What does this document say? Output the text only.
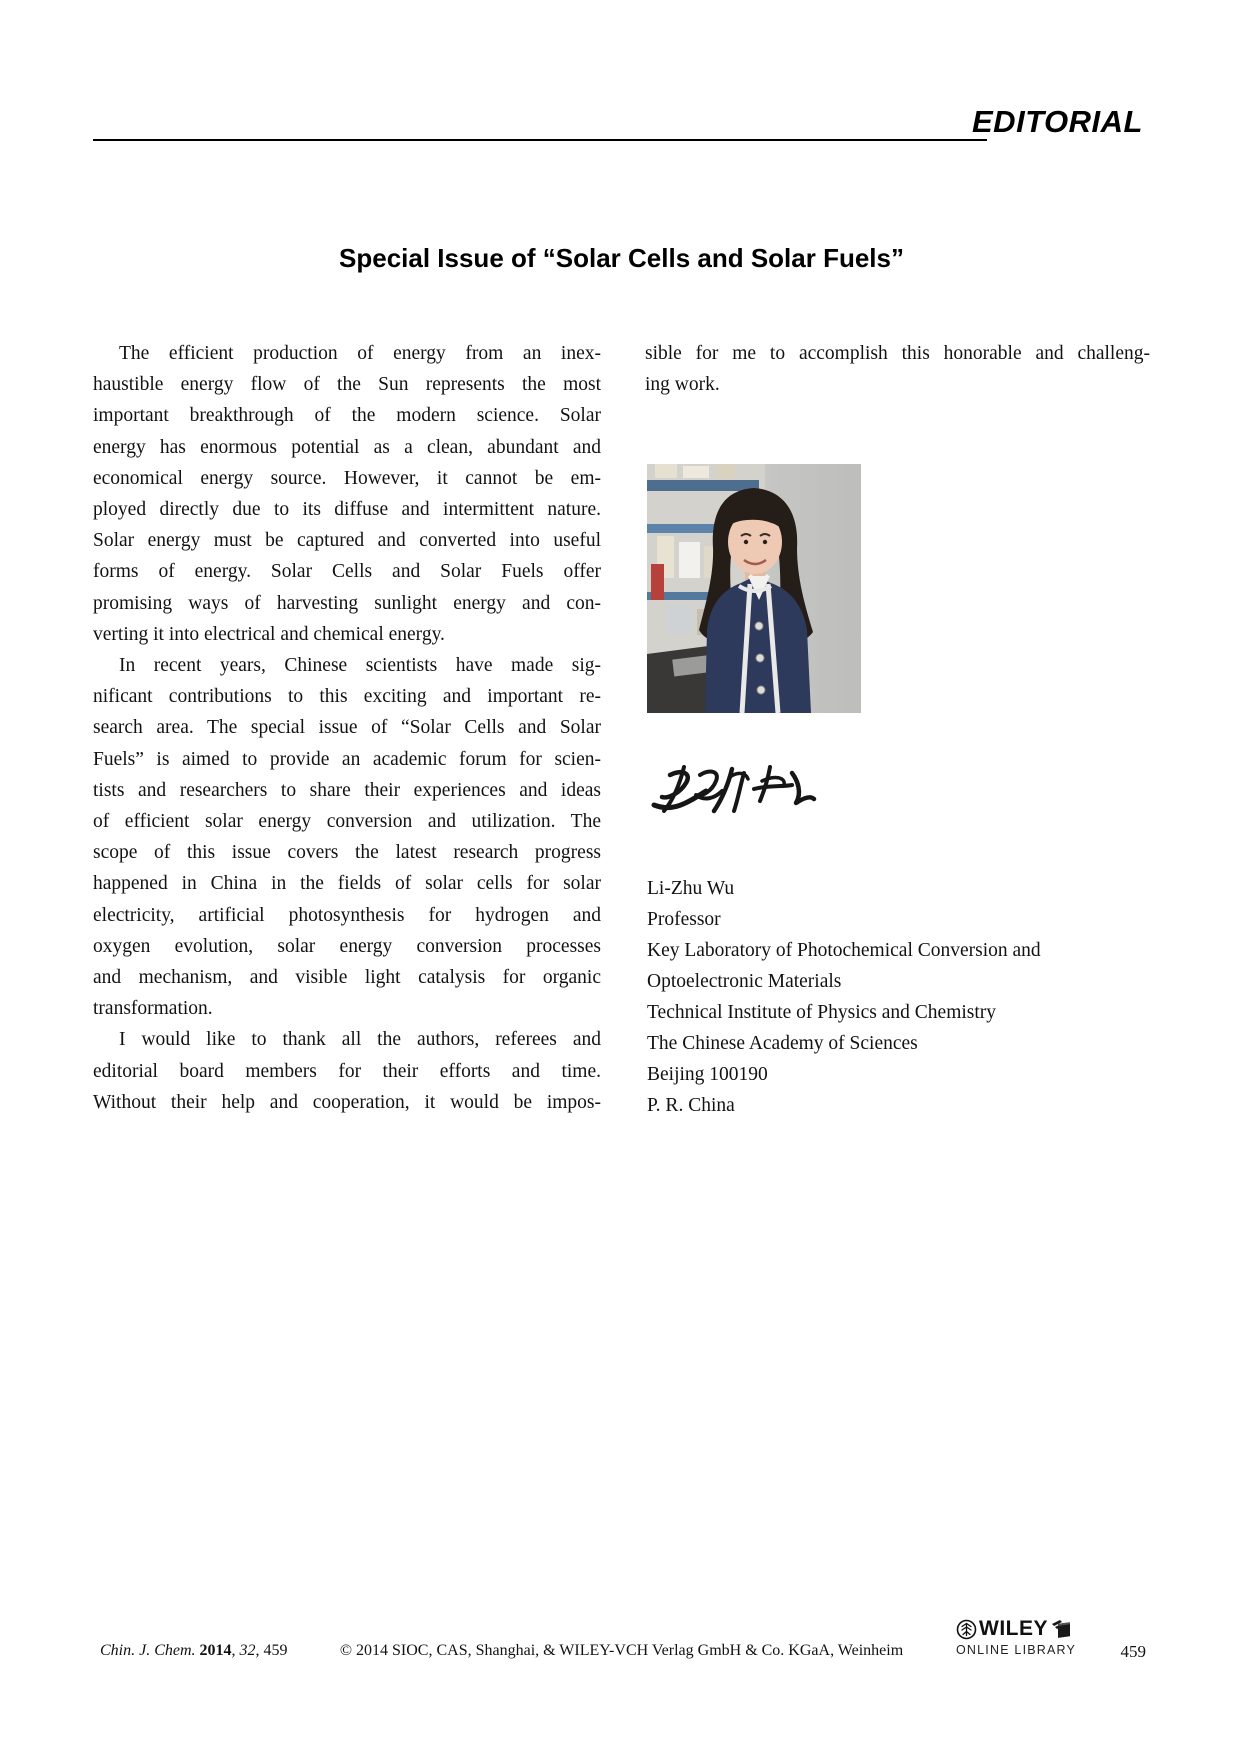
EDITORIAL
Special Issue of “Solar Cells and Solar Fuels”
The efficient production of energy from an inex-
haustible energy flow of the Sun represents the most
important breakthrough of the modern science. Solar
energy has enormous potential as a clean, abundant and
economical energy source. However, it cannot be em-
ployed directly due to its diffuse and intermittent nature.
Solar energy must be captured and converted into useful
forms of energy. Solar Cells and Solar Fuels offer
promising ways of harvesting sunlight energy and con-
verting it into electrical and chemical energy.
In recent years, Chinese scientists have made sig-
nificant contributions to this exciting and important re-
search area. The special issue of “Solar Cells and Solar
Fuels” is aimed to provide an academic forum for scien-
tists and researchers to share their experiences and ideas
of efficient solar energy conversion and utilization. The
scope of this issue covers the latest research progress
happened in China in the fields of solar cells for solar
electricity, artificial photosynthesis for hydrogen and
oxygen evolution, solar energy conversion processes
and mechanism, and visible light catalysis for organic
transformation.
I would like to thank all the authors, referees and
editorial board members for their efforts and time.
Without their help and cooperation, it would be impos-
sible for me to accomplish this honorable and challeng-
ing work.
Li-Zhu Wu
Professor
Key Laboratory of Photochemical Conversion and
Optoelectronic Materials
Technical Institute of Physics and Chemistry
The Chinese Academy of Sciences
Beijing 100190
P. R. China
Chin. J. Chem. 2014, 32, 459	© 2014 SIOC, CAS, Shanghai, & WILEY-VCH Verlag GmbH & Co. KGaA, Weinheim
WILEY
ONLINE LIBRARY	459
